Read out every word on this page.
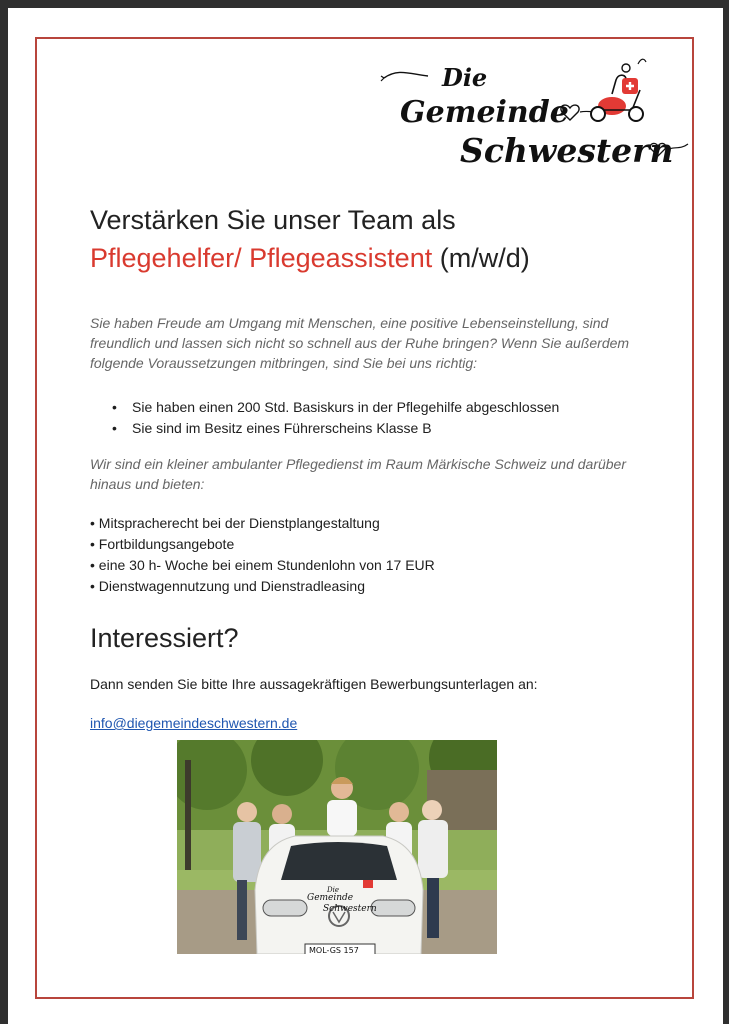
Die
Gemeinde
Schwestern
Verstärken Sie unser Team als
Pflegehelfer/ Pflegeassistent (m/w/d)

Sie haben Freude am Umgang mit Menschen, eine positive Lebenseinstellung, sind freundlich und lassen sich nicht so schnell aus der Ruhe bringen? Wenn Sie außerdem folgende Voraussetzungen mitbringen, sind Sie bei uns richtig:

• Sie haben einen 200 Std. Basiskurs in der Pflegehilfe abgeschlossen
• Sie sind im Besitz eines Führerscheins Klasse B

Wir sind ein kleiner ambulanter Pflegedienst im Raum Märkische Schweiz und darüber hinaus und bieten:

• Mitspracherecht bei der Dienstplangestaltung
• Fortbildungsangebote
• eine 30 h- Woche bei einem Stundenlohn von 17 EUR
• Dienstwagennutzung und Dienstradleasing
Interessiert?

Dann senden Sie bitte Ihre aussagekräftigen Bewerbungsunterlagen an:

info@diegemeindeschwestern.de
Die
Gemeinde
Schwestern
MOL-GS 157
